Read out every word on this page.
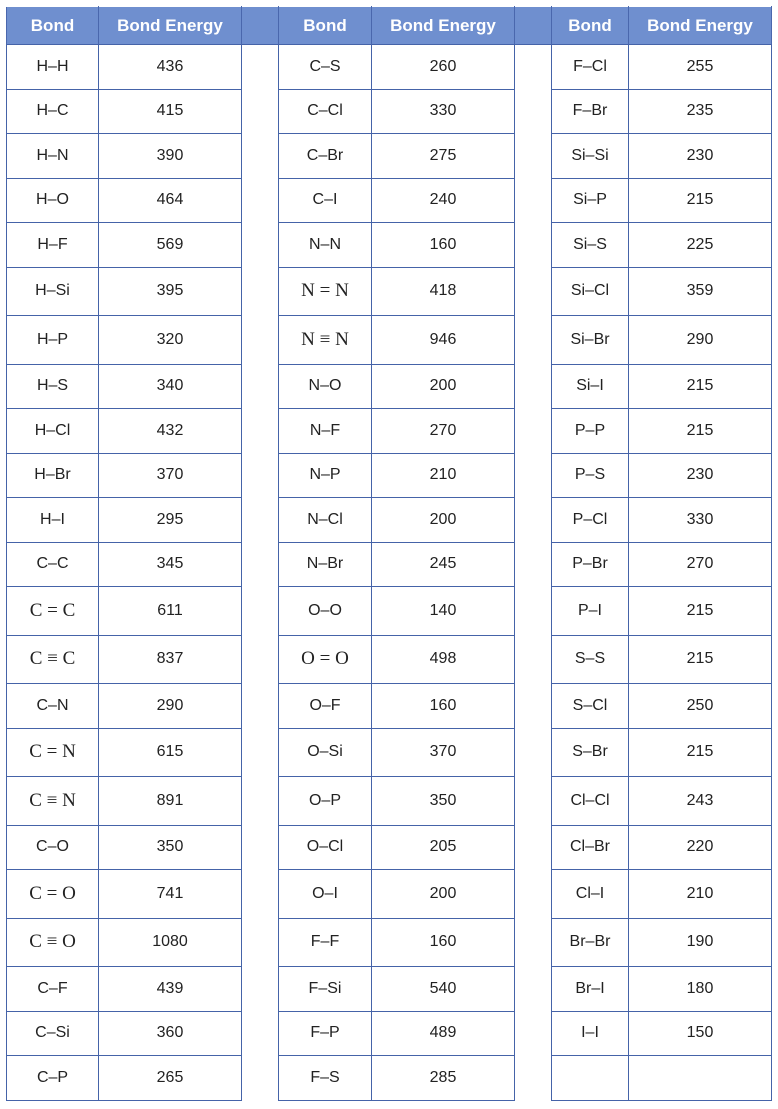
Bond	Bond Energy		Bond	Bond Energy		Bond	Bond Energy
H–H	436		C–S	260		F–Cl	255
H–C	415		C–Cl	330		F–Br	235
H–N	390		C–Br	275		Si–Si	230
H–O	464		C–I	240		Si–P	215
H–F	569		N–N	160		Si–S	225
H–Si	395		N = N	418		Si–Cl	359
H–P	320		N ≡ N	946		Si–Br	290
H–S	340		N–O	200		Si–I	215
H–Cl	432		N–F	270		P–P	215
H–Br	370		N–P	210		P–S	230
H–I	295		N–Cl	200		P–Cl	330
C–C	345		N–Br	245		P–Br	270
C = C	611		O–O	140		P–I	215
C ≡ C	837		O = O	498		S–S	215
C–N	290		O–F	160		S–Cl	250
C = N	615		O–Si	370		S–Br	215
C ≡ N	891		O–P	350		Cl–Cl	243
C–O	350		O–Cl	205		Cl–Br	220
C = O	741		O–I	200		Cl–I	210
C ≡ O	1080		F–F	160		Br–Br	190
C–F	439		F–Si	540		Br–I	180
C–Si	360		F–P	489		I–I	150
C–P	265		F–S	285			
